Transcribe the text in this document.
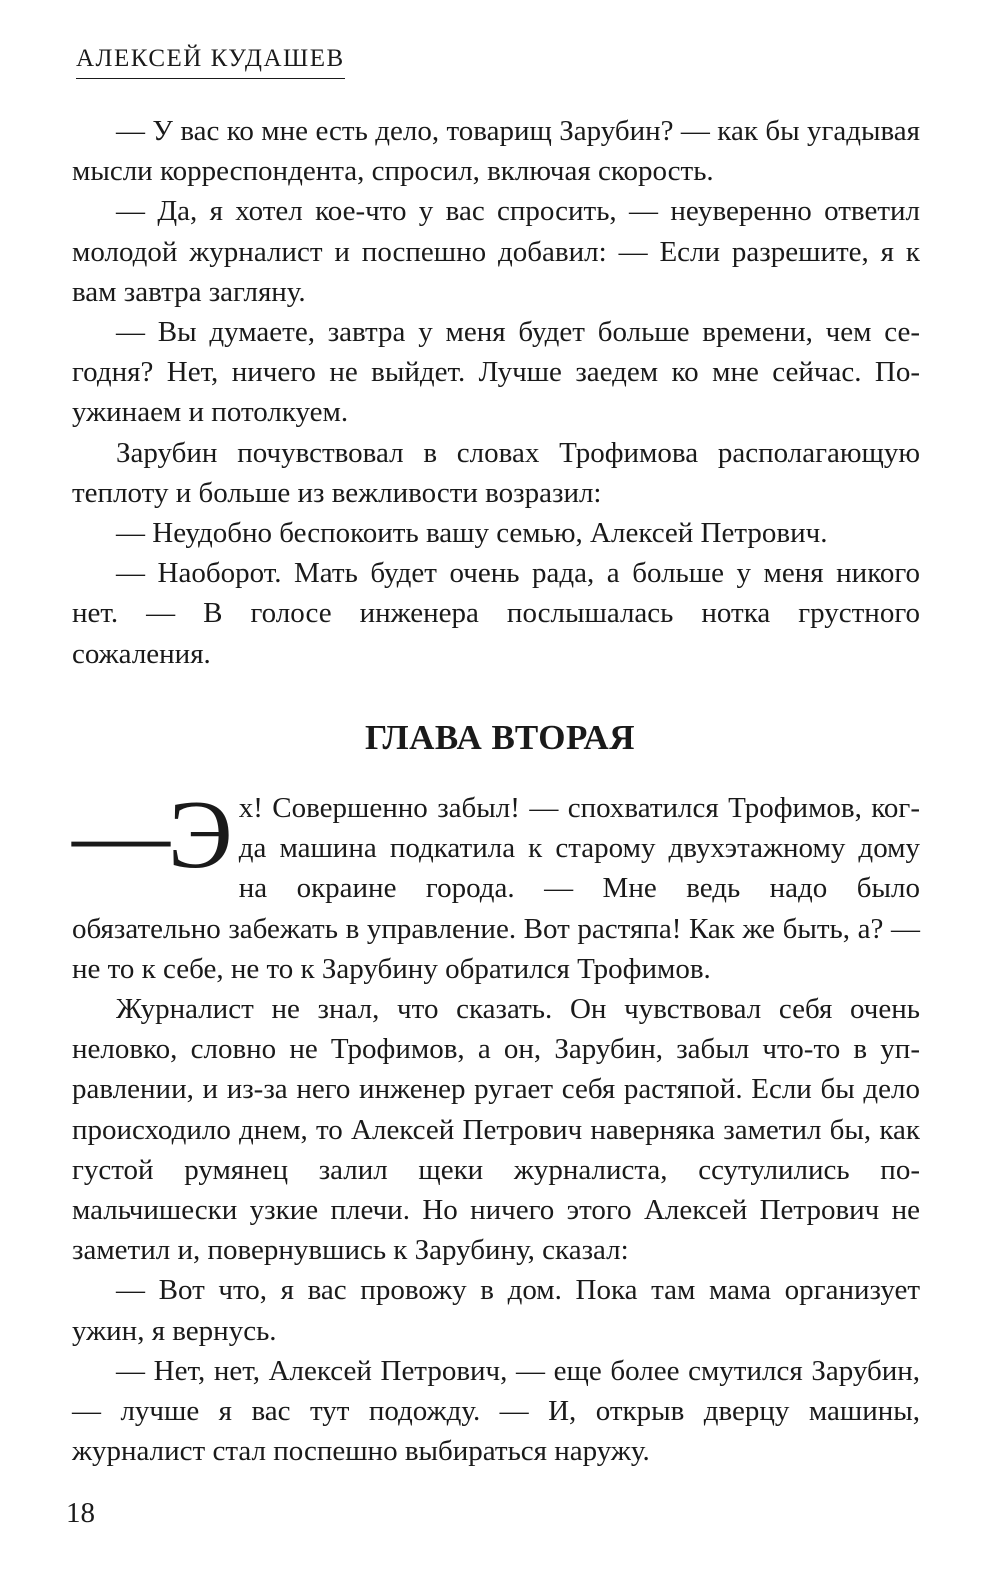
АЛЕКСЕЙ КУДАШЕВ

— У вас ко мне есть дело, товарищ Зарубин? — как бы угадывая мысли корреспондента, спросил, включая скорость.

— Да, я хотел кое-что у вас спросить, — неуверенно ответил молодой журналист и поспешно добавил: — Если разрешите, я к вам завтра загляну.

— Вы думаете, завтра у меня будет больше времени, чем сегодня? Нет, ничего не выйдет. Лучше заедем ко мне сейчас. Поужинаем и потолкуем.

Зарубин почувствовал в словах Трофимова располагающую теплоту и больше из вежливости возразил:

— Неудобно беспокоить вашу семью, Алексей Петрович.

— Наоборот. Мать будет очень рада, а больше у меня никого нет. — В голосе инженера послышалась нотка грустного сожаления.

ГЛАВА ВТОРАЯ

—Э х! Совершенно забыл! — спохватился Трофимов, когда машина подкатила к старому двухэтажному дому на окраине города. — Мне ведь надо было обязательно забежать в управление. Вот растяпа! Как же быть, а? — не то к себе, не то к Зарубину обратился Трофимов.

Журналист не знал, что сказать. Он чувствовал себя очень неловко, словно не Трофимов, а он, Зарубин, забыл что-то в управлении, и из-за него инженер ругает себя растяпой. Если бы дело происходило днем, то Алексей Петрович наверняка заметил бы, как густой румянец залил щеки журналиста, ссутулились помальчишески узкие плечи. Но ничего этого Алексей Петрович не заметил и, повернувшись к Зарубину, сказал:

— Вот что, я вас провожу в дом. Пока там мама организует ужин, я вернусь.

— Нет, нет, Алексей Петрович, — еще более смутился Зарубин, — лучше я вас тут подожду. — И, открыв дверцу машины, журналист стал поспешно выбираться наружу.

18
